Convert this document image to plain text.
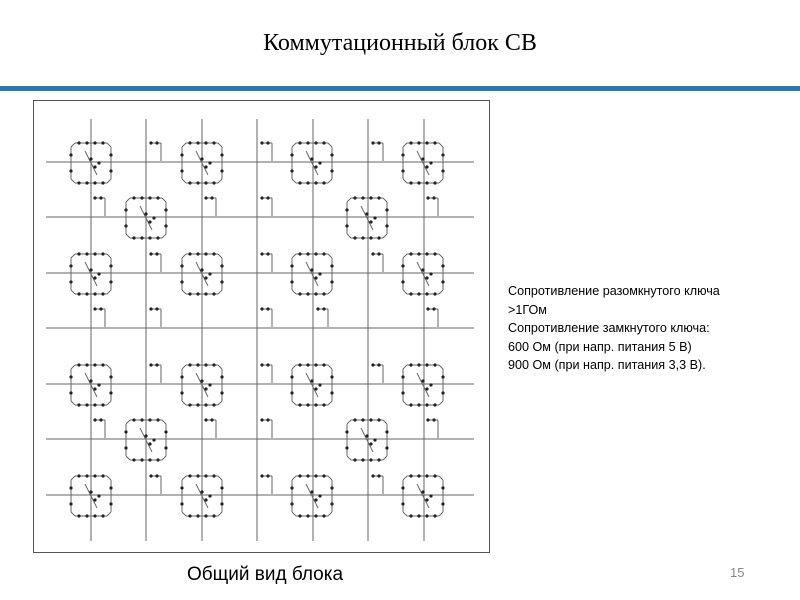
Коммутационный блок СВ
Сопротивление разомкнутого ключа
>1ГОм
Сопротивление замкнутого ключа:
600 Ом (при напр. питания 5 В)
900 Ом (при напр. питания 3,3 В).
Общий вид блока	15
